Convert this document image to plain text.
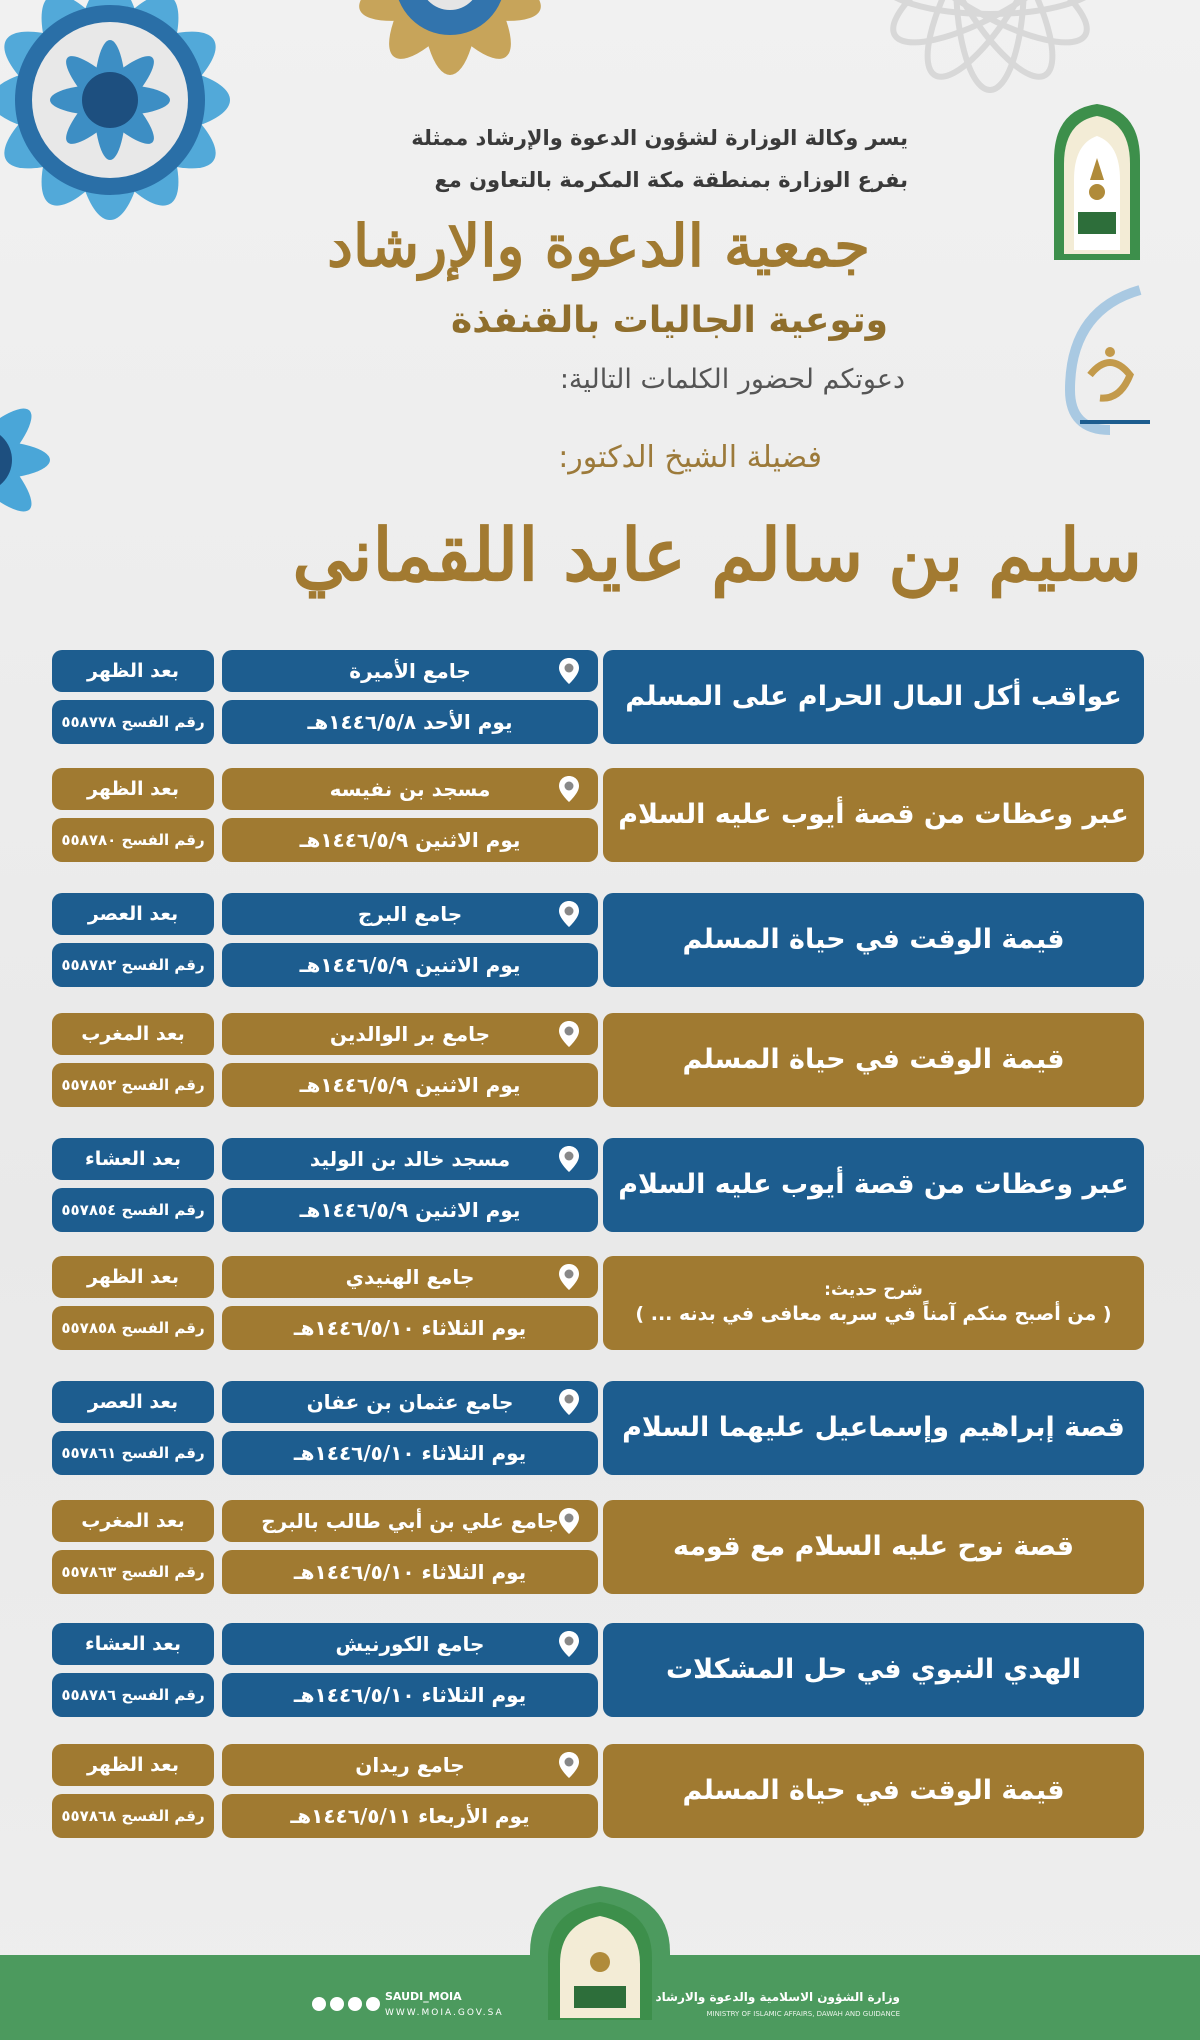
يسر وكالة الوزارة لشؤون الدعوة والإرشاد ممثلة
بفرع الوزارة بمنطقة مكة المكرمة بالتعاون مع
جمعية الدعوة والإرشاد
وتوعية الجاليات بالقنفذة
دعوتكم لحضور الكلمات التالية:
فضيلة الشيخ الدكتور:
سليم بن سالم عايد اللقماني
عواقب أكل المال الحرام على المسلم
جامع الأميرة
يوم الأحد ١٤٤٦/٥/٨هـ
بعد الظهر
رقم الفسح ٥٥٨٧٧٨
عبر وعظات من قصة أيوب عليه السلام
مسجد بن نفيسه
يوم الاثنين ١٤٤٦/٥/٩هـ
بعد الظهر
رقم الفسح ٥٥٨٧٨٠
قيمة الوقت في حياة المسلم
جامع البرج
يوم الاثنين ١٤٤٦/٥/٩هـ
بعد العصر
رقم الفسح ٥٥٨٧٨٢
قيمة الوقت في حياة المسلم
جامع بر الوالدين
يوم الاثنين ١٤٤٦/٥/٩هـ
بعد المغرب
رقم الفسح ٥٥٧٨٥٢
عبر وعظات من قصة أيوب عليه السلام
مسجد خالد بن الوليد
يوم الاثنين ١٤٤٦/٥/٩هـ
بعد العشاء
رقم الفسح ٥٥٧٨٥٤
شرح حديث:
( من أصبح منكم آمناً في سربه معافى في بدنه ... )
جامع الهنيدي
يوم الثلاثاء ١٤٤٦/٥/١٠هـ
بعد الظهر
رقم الفسح ٥٥٧٨٥٨
قصة إبراهيم وإسماعيل عليهما السلام
جامع عثمان بن عفان
يوم الثلاثاء ١٤٤٦/٥/١٠هـ
بعد العصر
رقم الفسح ٥٥٧٨٦١
قصة نوح عليه السلام مع قومه
جامع علي بن أبي طالب بالبرج
يوم الثلاثاء ١٤٤٦/٥/١٠هـ
بعد المغرب
رقم الفسح ٥٥٧٨٦٣
الهدي النبوي في حل المشكلات
جامع الكورنيش
يوم الثلاثاء ١٤٤٦/٥/١٠هـ
بعد العشاء
رقم الفسح ٥٥٨٧٨٦
قيمة الوقت في حياة المسلم
جامع ريدان
يوم الأربعاء ١٤٤٦/٥/١١هـ
بعد الظهر
رقم الفسح ٥٥٧٨٦٨
وزارة الشؤون الاسلامية والدعوة والارشاد
MINISTRY OF ISLAMIC AFFAIRS, DAWAH AND GUIDANCE
SAUDI_MOIA
WWW.MOIA.GOV.SA
